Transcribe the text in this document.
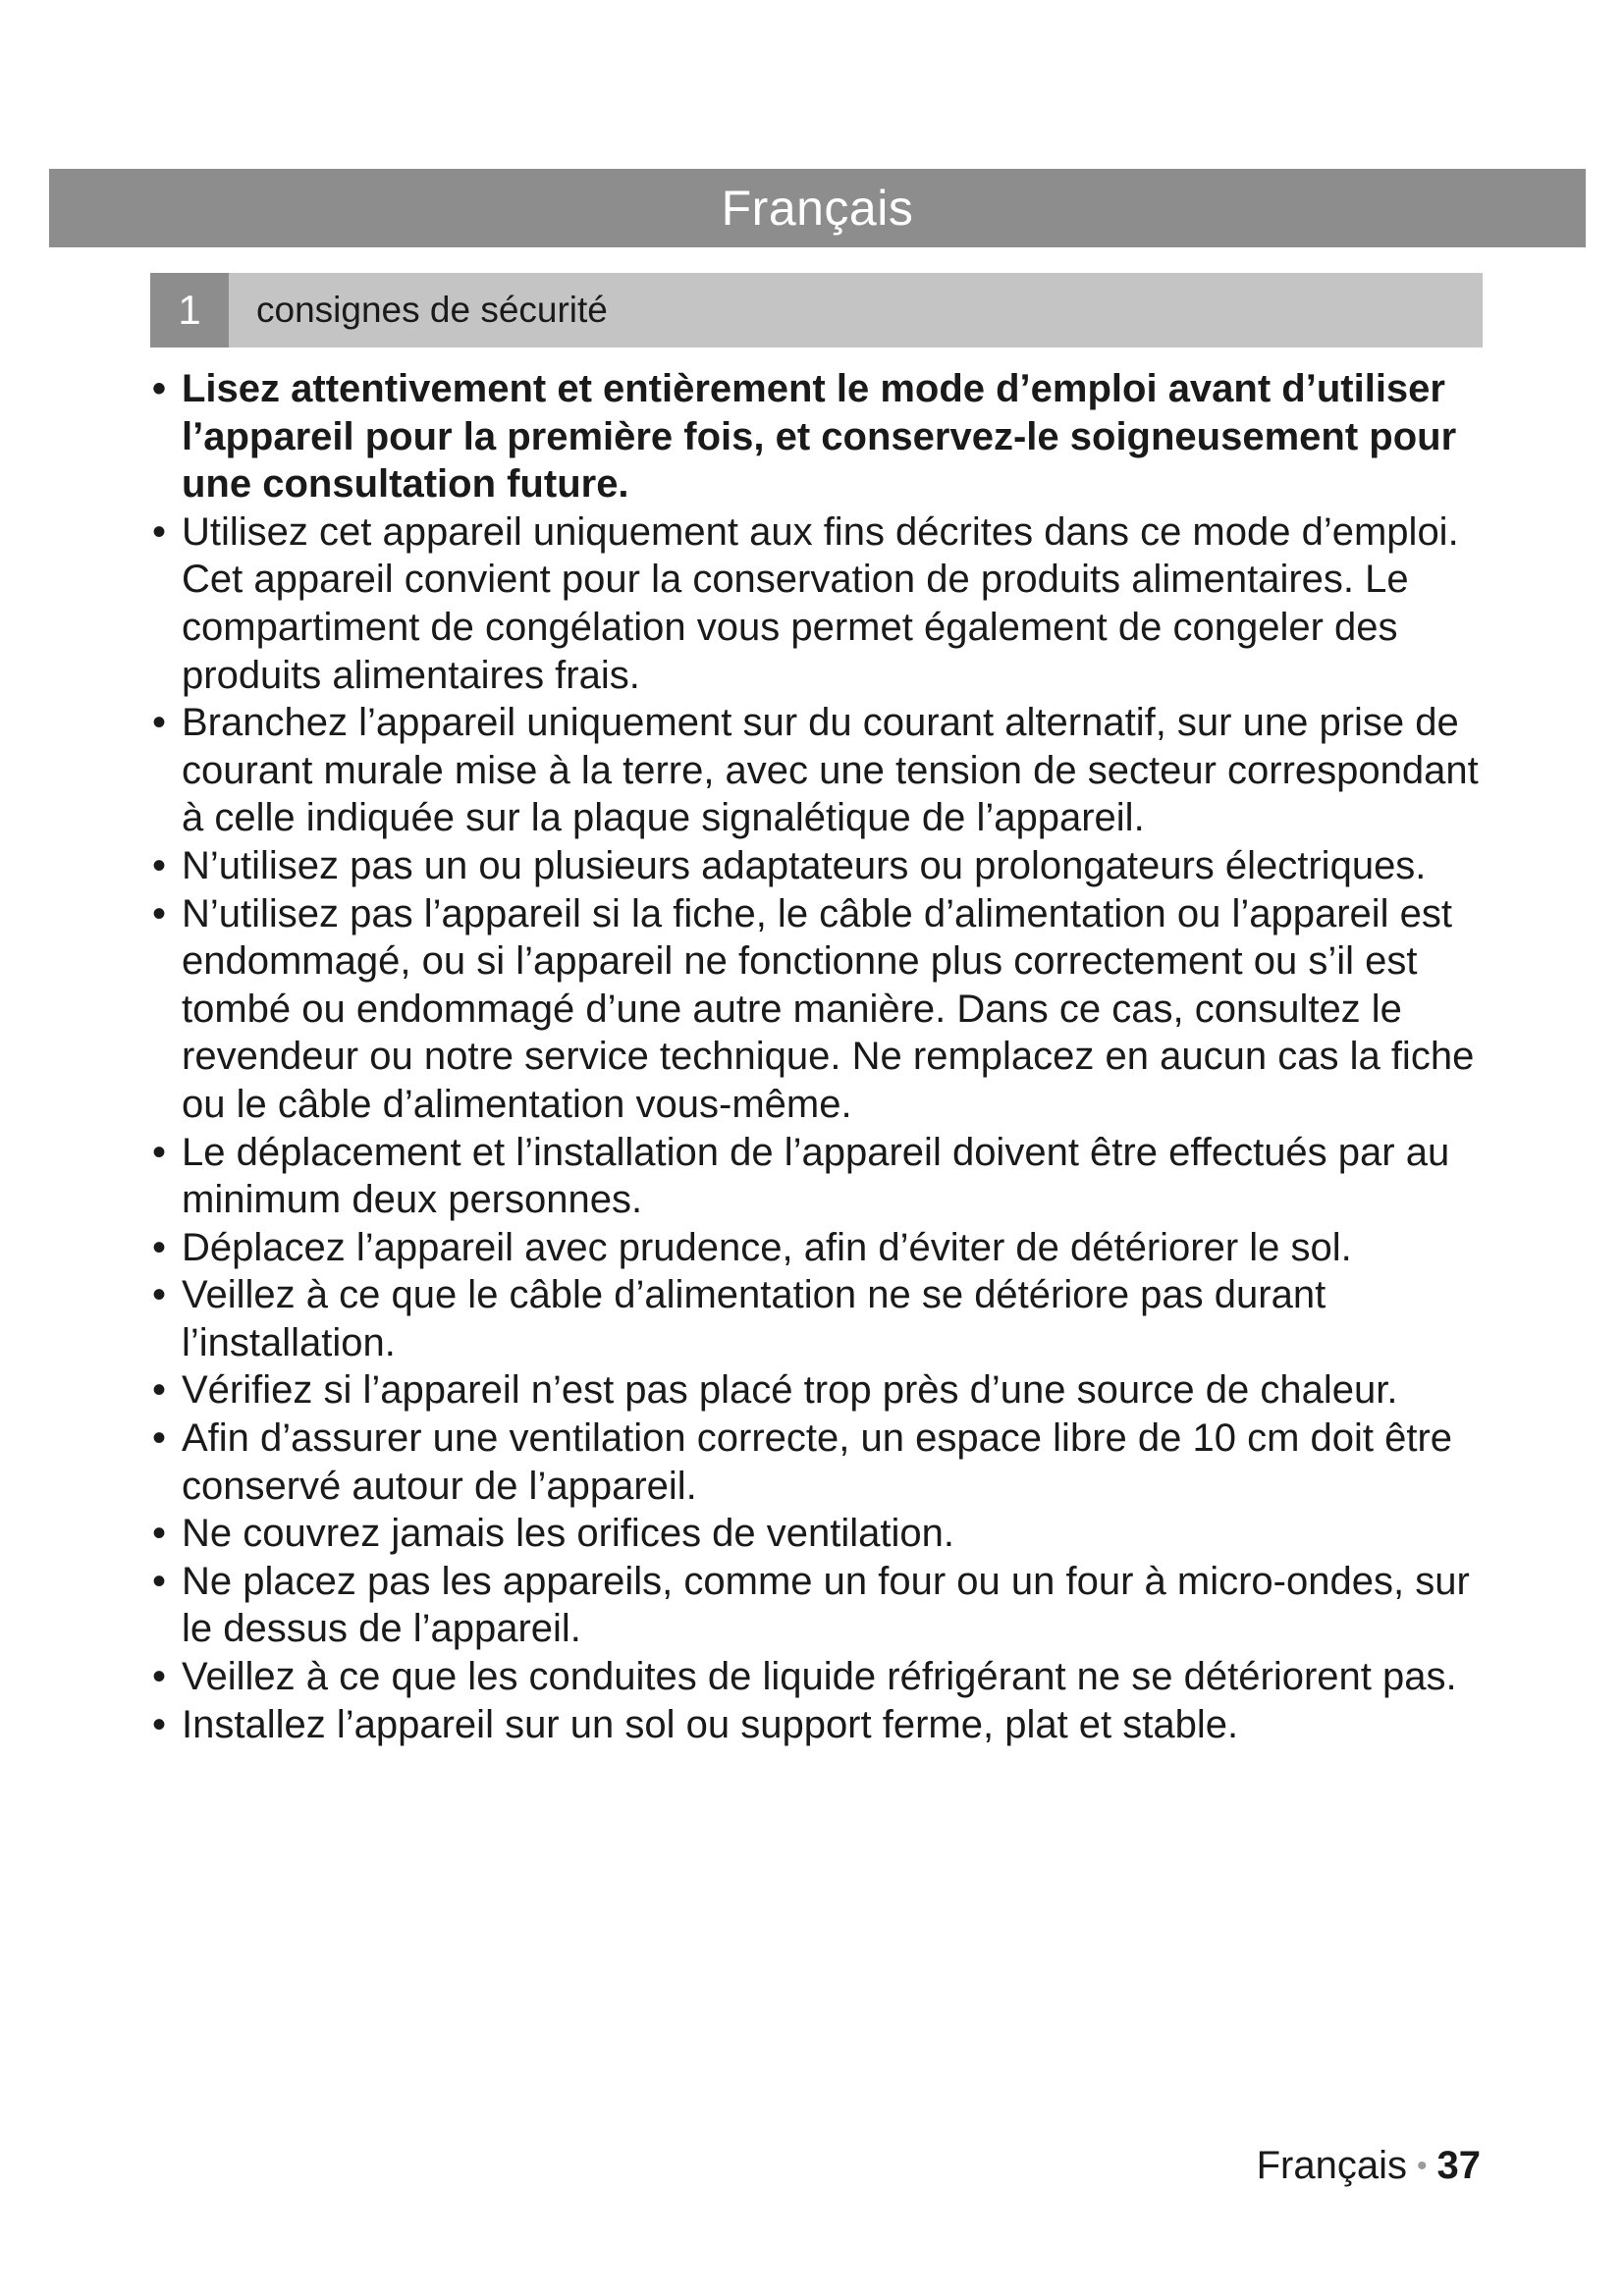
Français
1	consignes de sécurité
• Lisez attentivement et entièrement le mode d’emploi avant d’utiliser l’appareil pour la première fois, et conservez-le soigneusement pour une consultation future.
• Utilisez cet appareil uniquement aux fins décrites dans ce mode d’emploi. Cet appareil convient pour la conservation de produits alimentaires. Le compartiment de congélation vous permet également de congeler des produits alimentaires frais.
• Branchez l’appareil uniquement sur du courant alternatif, sur une prise de courant murale mise à la terre, avec une tension de secteur correspondant à celle indiquée sur la plaque signalétique de l’appareil.
• N’utilisez pas un ou plusieurs adaptateurs ou prolongateurs électriques.
• N’utilisez pas l’appareil si la fiche, le câble d’alimentation ou l’appareil est endommagé, ou si l’appareil ne fonctionne plus correctement ou s’il est tombé ou endommagé d’une autre manière. Dans ce cas, consultez le revendeur ou notre service technique. Ne remplacez en aucun cas la fiche ou le câble d’alimentation vous-même.
• Le déplacement et l’installation de l’appareil doivent être effectués par au minimum deux personnes.
• Déplacez l’appareil avec prudence, afin d’éviter de détériorer le sol.
• Veillez à ce que le câble d’alimentation ne se détériore pas durant l’installation.
• Vérifiez si l’appareil n’est pas placé trop près d’une source de chaleur.
• Afin d’assurer une ventilation correcte, un espace libre de 10 cm doit être conservé autour de l’appareil.
• Ne couvrez jamais les orifices de ventilation.
• Ne placez pas les appareils, comme un four ou un four à micro-ondes, sur le dessus de l’appareil.
• Veillez à ce que les conduites de liquide réfrigérant ne se détériorent pas.
• Installez l’appareil sur un sol ou support ferme, plat et stable.
Français • 37
